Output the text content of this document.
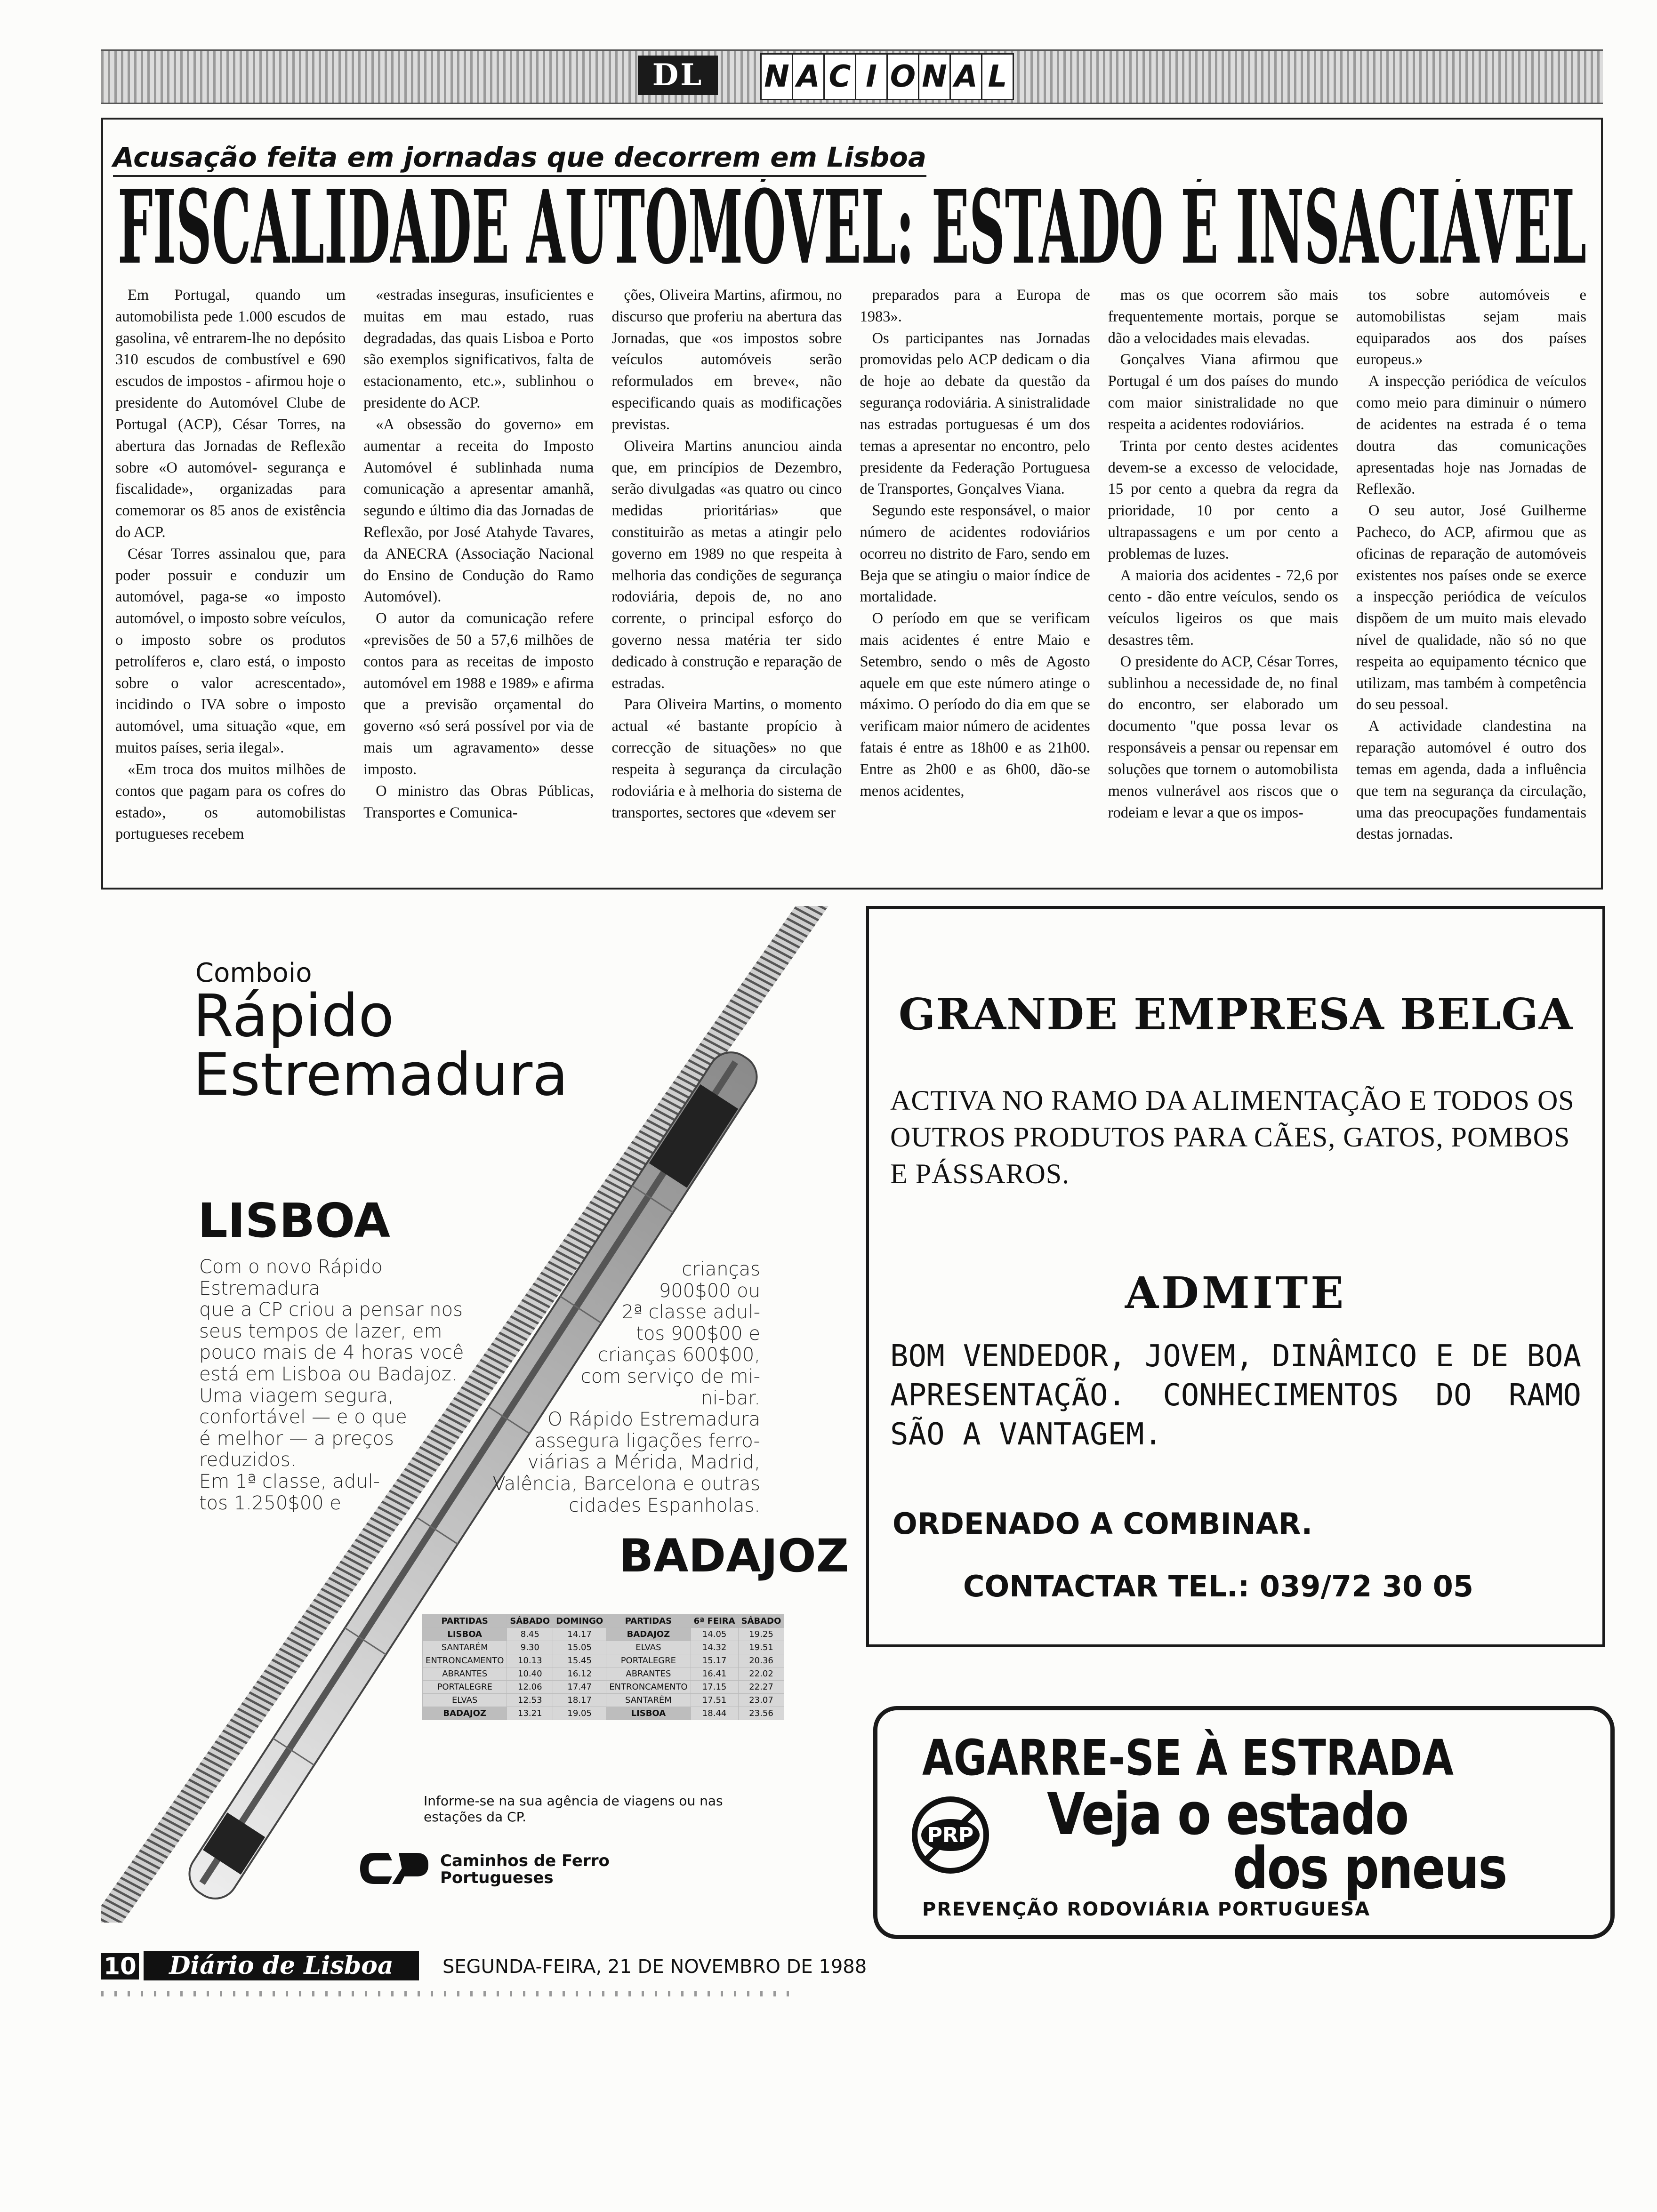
DL	N A C I O N A L
Acusação feita em jornadas que decorrem em Lisboa
FISCALIDADE AUTOMÓVEL: ESTADO É INSACIÁVEL

Em Portugal, quando um automobilista pede 1.000 escudos de gasolina, vê entrarem-lhe no depósito 310 escudos de combustível e 690 escudos de impostos - afirmou hoje o presidente do Automóvel Clube de Portugal (ACP), César Torres, na abertura das Jornadas de Reflexão sobre «O automóvel- segurança e fiscalidade», organizadas para comemorar os 85 anos de existência do ACP.

César Torres assinalou que, para poder possuir e conduzir um automóvel, paga-se «o imposto automóvel, o imposto sobre veículos, o imposto sobre os produtos petrolíferos e, claro está, o imposto sobre o valor acrescentado», incidindo o IVA sobre o imposto automóvel, uma situação «que, em muitos países, seria ilegal».

«Em troca dos muitos milhões de contos que pagam para os cofres do estado», os automobilistas portugueses recebem

«estradas inseguras, insuficientes e muitas em mau estado, ruas degradadas, das quais Lisboa e Porto são exemplos significativos, falta de estacionamento, etc.», sublinhou o presidente do ACP.

«A obsessão do governo» em aumentar a receita do Imposto Automóvel é sublinhada numa comunicação a apresentar amanhã, segundo e último dia das Jornadas de Reflexão, por José Atahyde Tavares, da ANECRA (Associação Nacional do Ensino de Condução do Ramo Automóvel).

O autor da comunicação refere «previsões de 50 a 57,6 milhões de contos para as receitas de imposto automóvel em 1988 e 1989» e afirma que a previsão orçamental do governo «só será possível por via de mais um agravamento» desse imposto.

O ministro das Obras Públicas, Transportes e Comunica-

ções, Oliveira Martins, afirmou, no discurso que proferiu na abertura das Jornadas, que «os impostos sobre veículos automóveis serão reformulados em breve«, não especificando quais as modificações previstas.

Oliveira Martins anunciou ainda que, em princípios de Dezembro, serão divulgadas «as quatro ou cinco medidas prioritárias» que constituirão as metas a atingir pelo governo em 1989 no que respeita à melhoria das condições de segurança rodoviária, depois de, no ano corrente, o principal esforço do governo nessa matéria ter sido dedicado à construção e reparação de estradas.

Para Oliveira Martins, o momento actual «é bastante propício à correcção de situações» no que respeita à segurança da circulação rodoviária e à melhoria do sistema de transportes, sectores que «devem ser

preparados para a Europa de 1983».

Os participantes nas Jornadas promovidas pelo ACP dedicam o dia de hoje ao debate da questão da segurança rodoviária. A sinistralidade nas estradas portuguesas é um dos temas a apresentar no encontro, pelo presidente da Federação Portuguesa de Transportes, Gonçalves Viana.

Segundo este responsável, o maior número de acidentes rodoviários ocorreu no distrito de Faro, sendo em Beja que se atingiu o maior índice de mortalidade.

O período em que se verificam mais acidentes é entre Maio e Setembro, sendo o mês de Agosto aquele em que este número atinge o máximo. O período do dia em que se verificam maior número de acidentes fatais é entre as 18h00 e as 21h00. Entre as 2h00 e as 6h00, dão-se menos acidentes,

mas os que ocorrem são mais frequentemente mortais, porque se dão a velocidades mais elevadas.

Gonçalves Viana afirmou que Portugal é um dos países do mundo com maior sinistralidade no que respeita a acidentes rodoviários.

Trinta por cento destes acidentes devem-se a excesso de velocidade, 15 por cento a quebra da regra da prioridade, 10 por cento a ultrapassagens e um por cento a problemas de luzes.

A maioria dos acidentes - 72,6 por cento - dão entre veículos, sendo os veículos ligeiros os que mais desastres têm.

O presidente do ACP, César Torres, sublinhou a necessidade de, no final do encontro, ser elaborado um documento "que possa levar os responsáveis a pensar ou repensar em soluções que tornem o automobilista menos vulnerável aos riscos que o rodeiam e levar a que os impos-

tos sobre automóveis e automobilistas sejam mais equiparados aos dos países europeus.»

A inspecção periódica de veículos como meio para diminuir o número de acidentes na estrada é o tema doutra das comunicações apresentadas hoje nas Jornadas de Reflexão.

O seu autor, José Guilherme Pacheco, do ACP, afirmou que as oficinas de reparação de automóveis existentes nos países onde se exerce a inspecção periódica de veículos dispõem de um muito mais elevado nível de qualidade, não só no que respeita ao equipamento técnico que utilizam, mas também à competência do seu pessoal.

A actividade clandestina na reparação automóvel é outro dos temas em agenda, dada a influência que tem na segurança da circulação, uma das preocupações fundamentais destas jornadas.

Comboio
Rápido
Estremadura
LISBOA
Com o novo Rápido Estremadura
que a CP criou a pensar nos
seus tempos de lazer, em
pouco mais de 4 horas você
está em Lisboa ou Badajoz.
Uma viagem segura,
confortável — e o que
é melhor — a preços
reduzidos.
Em 1ª classe, adul-
tos 1.250$00 e
crianças
900$00 ou
2ª classe adul-
tos 900$00 e
crianças 600$00,
com serviço de mi-
ni-bar.
O Rápido Estremadura
assegura ligações ferro-
viárias a Mérida, Madrid,
Valência, Barcelona e outras
cidades Espanholas.
BADAJOZ
PARTIDAS	SÁBADO	DOMINGO	PARTIDAS	6ª FEIRA	SÁBADO
LISBOA	8.45	14.17	BADAJOZ	14.05	19.25
SANTARÉM	9.30	15.05	ELVAS	14.32	19.51
ENTRONCAMENTO	10.13	15.45	PORTALEGRE	15.17	20.36
ABRANTES	10.40	16.12	ABRANTES	16.41	22.02
PORTALEGRE	12.06	17.47	ENTRONCAMENTO	17.15	22.27
ELVAS	12.53	18.17	SANTARÉM	17.51	23.07
BADAJOZ	13.21	19.05	LISBOA	18.44	23.56
Informe-se na sua agência de viagens ou nas
estações da CP.
Caminhos de Ferro
Portugueses
GRANDE EMPRESA BELGA
ACTIVA NO RAMO DA ALIMENTAÇÃO E TODOS OS
OUTROS PRODUTOS PARA CÃES, GATOS, POMBOS
E PÁSSAROS.
ADMITE
BOM VENDEDOR, JOVEM, DINÂMICO E DE BOA APRESENTAÇÃO. CONHECIMENTOS DO RAMO SÃO A VANTAGEM.
ORDENADO A COMBINAR.
CONTACTAR TEL.: 039/72 30 05
AGARRE-SE À ESTRADA
Veja o estado
dos pneus
PRP
PREVENÇÃO RODOVIÁRIA PORTUGUESA
10	Diário de Lisboa	SEGUNDA-FEIRA, 21 DE NOVEMBRO DE 1988
